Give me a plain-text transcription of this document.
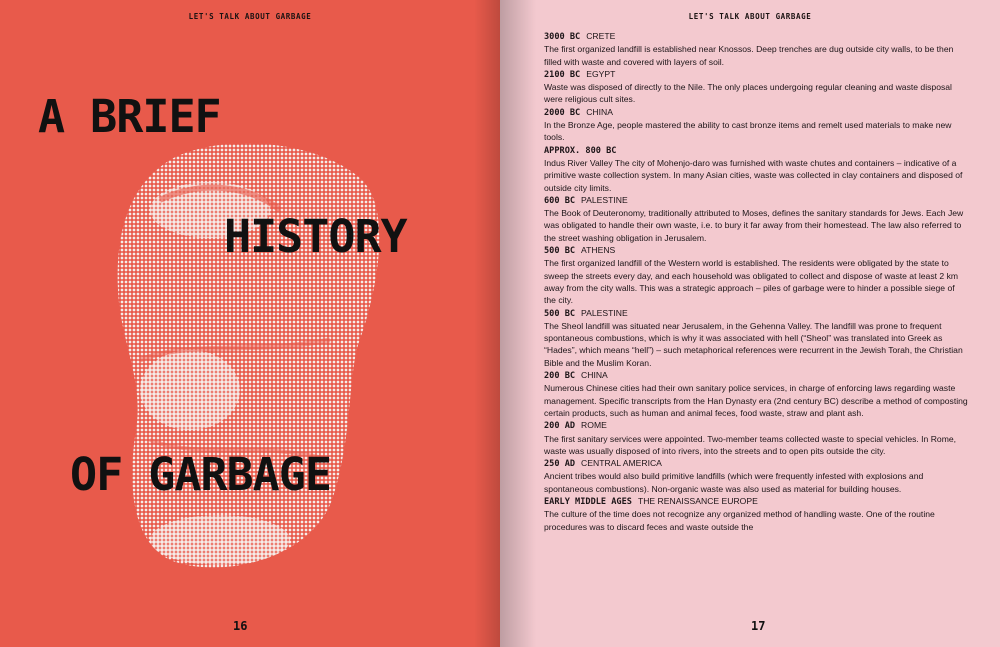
LET'S TALK ABOUT GARBAGE
A BRIEF
HISTORY
OF GARBAGE
16
LET'S TALK ABOUT GARBAGE
3000 BC CRETE
The first organized landfill is established near Knossos. Deep trenches are dug outside city walls, to be then filled with waste and covered with layers of soil.
2100 BC EGYPT
Waste was disposed of directly to the Nile. The only places undergoing regular cleaning and waste disposal were religious cult sites.
2000 BC CHINA
In the Bronze Age, people mastered the ability to cast bronze items and remelt used materials to make new tools.
APPROX. 800 BC
Indus River Valley The city of Mohenjo-daro was furnished with waste chutes and containers – indicative of a primitive waste collection system. In many Asian cities, waste was collected in clay containers and disposed of outside city limits.
600 BC PALESTINE
The Book of Deuteronomy, traditionally attributed to Moses, defines the sanitary standards for Jews. Each Jew was obligated to handle their own waste, i.e. to bury it far away from their homestead. The law also referred to the street washing obligation in Jerusalem.
500 BC ATHENS
The first organized landfill of the Western world is established. The residents were obligated by the state to sweep the streets every day, and each household was obligated to collect and dispose of waste at least 2 km away from the city walls. This was a strategic approach – piles of garbage were to hinder a possible siege of the city.
500 BC PALESTINE
The Sheol landfill was situated near Jerusalem, in the Gehenna Valley. The landfill was prone to frequent spontaneous combustions, which is why it was associated with hell (“Sheol” was translated into Greek as “Hades”, which means “hell”) – such metaphorical references were recurrent in the Jewish Torah, the Christian Bible and the Muslim Koran.
200 BC CHINA
Numerous Chinese cities had their own sanitary police services, in charge of enforcing laws regarding waste management. Specific transcripts from the Han Dynasty era (2nd century BC) describe a method of composting certain products, such as human and animal feces, food waste, straw and plant ash.
200 AD ROME
The first sanitary services were appointed. Two-member teams collected waste to special vehicles. In Rome, waste was usually disposed of into rivers, into the streets and to open pits outside the city.
250 AD CENTRAL AMERICA
Ancient tribes would also build primitive landfills (which were frequently infested with explosions and spontaneous combustions). Non-organic waste was also used as material for building houses.
EARLY MIDDLE AGES THE RENAISSANCE EUROPE
The culture of the time does not recognize any organized method of handling waste. One of the routine procedures was to discard feces and waste outside the
17
